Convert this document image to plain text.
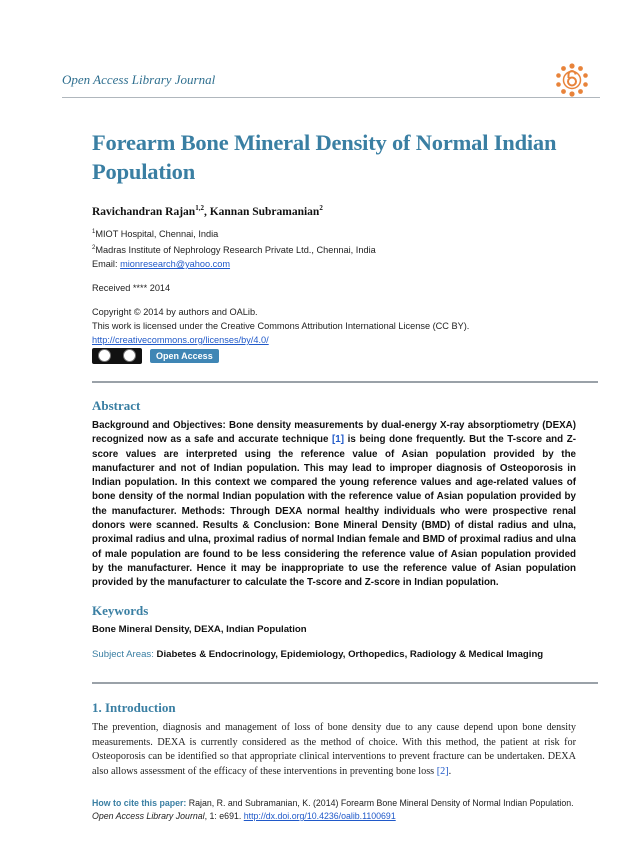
Open Access Library Journal
Forearm Bone Mineral Density of Normal Indian Population
Ravichandran Rajan$^{1,2}$, Kannan Subramanian$^2$
$^1$MIOT Hospital, Chennai, India
$^2$Madras Institute of Nephrology Research Private Ltd., Chennai, India
Email: mionresearch@yahoo.com
Received **** 2014
Copyright © 2014 by authors and OALib.
This work is licensed under the Creative Commons Attribution International License (CC BY).
http://creativecommons.org/licenses/by/4.0/
Open Access
Abstract
Background and Objectives: Bone density measurements by dual-energy X-ray absorptiometry (DEXA) recognized now as a safe and accurate technique [1] is being done frequently. But the T-score and Z-score values are interpreted using the reference value of Asian population provided by the manufacturer and not of Indian population. This may lead to improper diagnosis of Osteoporosis in Indian population. In this context we compared the young reference values and age-related values of bone density of the normal Indian population with the reference value of Asian population provided by the manufacturer. Methods: Through DEXA normal healthy individuals who were prospective renal donors were scanned. Results & Conclusion: Bone Mineral Density (BMD) of distal radius and ulna, proximal radius and ulna, proximal radius of normal Indian female and BMD of proximal radius and ulna of male population are found to be less considering the reference value of Asian population provided by the manufacturer. Hence it may be inappropriate to use the reference value of Asian population provided by the manufacturer to calculate the T-score and Z-score in Indian population.
Keywords
Bone Mineral Density, DEXA, Indian Population
Subject Areas: Diabetes & Endocrinology, Epidemiology, Orthopedics, Radiology & Medical Imaging
1. Introduction
The prevention, diagnosis and management of loss of bone density due to any cause depend upon bone density measurements. DEXA is currently considered as the method of choice. With this method, the patient at risk for Osteoporosis can be identified so that appropriate clinical interventions to prevent fracture can be undertaken. DEXA also allows assessment of the efficacy of these interventions in preventing bone loss [2].
How to cite this paper: Rajan, R. and Subramanian, K. (2014) Forearm Bone Mineral Density of Normal Indian Population.
Open Access Library Journal, 1: e691. http://dx.doi.org/10.4236/oalib.1100691
